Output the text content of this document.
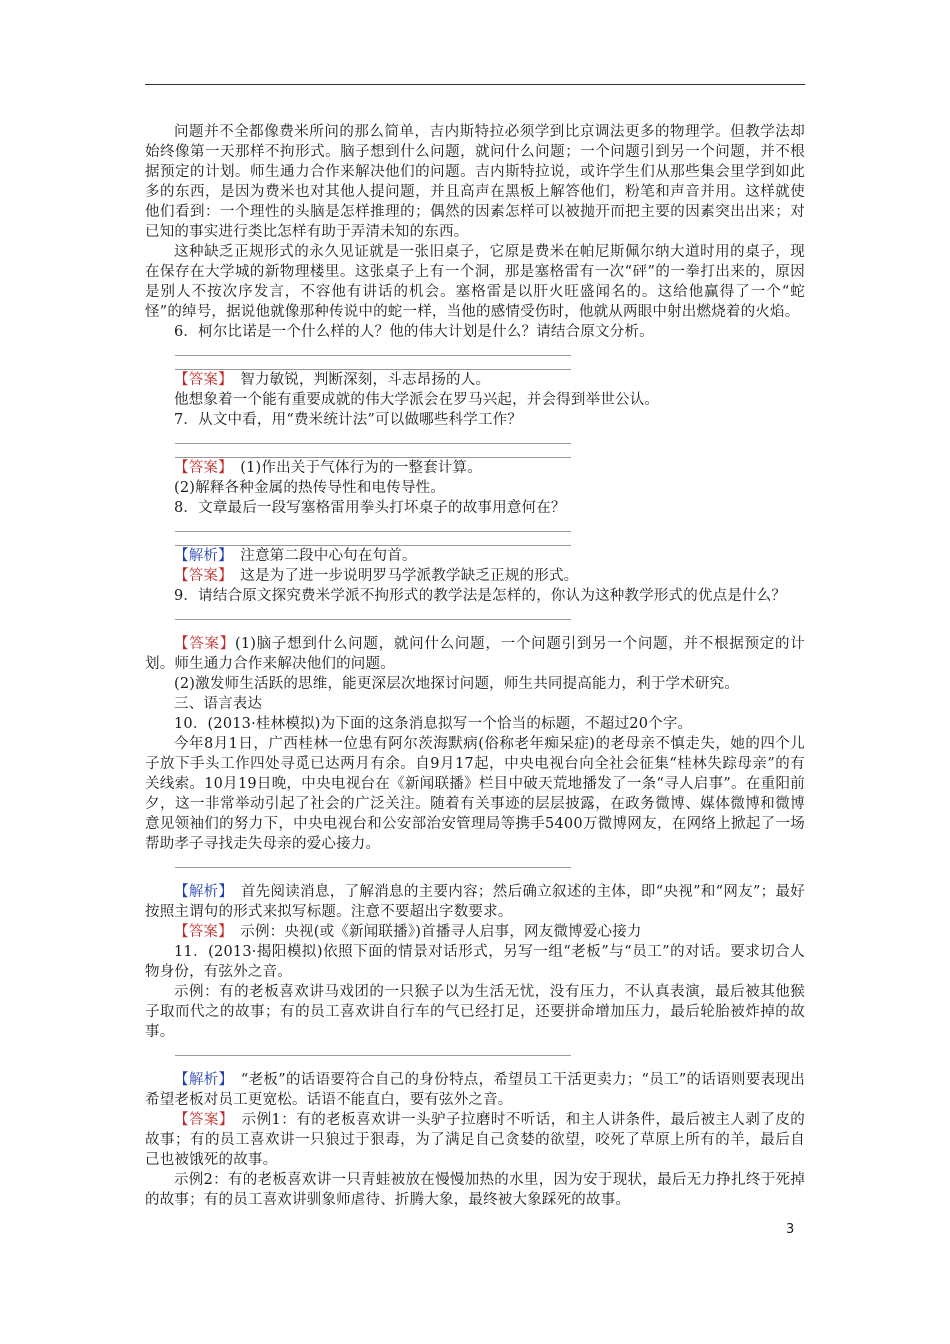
问题并不全都像费米所问的那么简单，吉内斯特拉必须学到比京调法更多的物理学。但教学法却始终像第一天那样不拘形式。脑子想到什么问题，就问什么问题；一个问题引到另一个问题，并不根据预定的计划。师生通力合作来解决他们的问题。吉内斯特拉说，或许学生们从那些集会里学到如此多的东西，是因为费米也对其他人提问题，并且高声在黑板上解答他们，粉笔和声音并用。这样就使他们看到：一个理性的头脑是怎样推理的；偶然的因素怎样可以被抛开而把主要的因素突出出来；对已知的事实进行类比怎样有助于弄清未知的东西。

这种缺乏正规形式的永久见证就是一张旧桌子，它原是费米在帕尼斯佩尔纳大道时用的桌子，现在保存在大学城的新物理楼里。这张桌子上有一个洞，那是塞格雷有一次“砰”的一拳打出来的，原因是别人不按次序发言，不容他有讲话的机会。塞格雷是以肝火旺盛闻名的。这给他赢得了一个“蛇怪”的绰号，据说他就像那种传说中的蛇一样，当他的感情受伤时，他就从两眼中射出燃烧着的火焰。

6．柯尔比诺是一个什么样的人？他的伟大计划是什么？请结合原文分析。

【答案】　智力敏锐，判断深刻，斗志昂扬的人。

他想象着一个能有重要成就的伟大学派会在罗马兴起，并会得到举世公认。

7．从文中看，用“费米统计法”可以做哪些科学工作？

【答案】　(1)作出关于气体行为的一整套计算。

(2)解释各种金属的热传导性和电传导性。

8．文章最后一段写塞格雷用拳头打坏桌子的故事用意何在？

【解析】　注意第二段中心句在句首。

【答案】　这是为了进一步说明罗马学派教学缺乏正规的形式。

9．请结合原文探究费米学派不拘形式的教学法是怎样的，你认为这种教学形式的优点是什么？

【答案】(1)脑子想到什么问题，就问什么问题，一个问题引到另一个问题，并不根据预定的计划。师生通力合作来解决他们的问题。

(2)激发师生活跃的思维，能更深层次地探讨问题，师生共同提高能力，利于学术研究。

三、语言表达

10．(2013·桂林模拟)为下面的这条消息拟写一个恰当的标题，不超过20个字。

今年8月1日，广西桂林一位患有阿尔茨海默病(俗称老年痴呆症)的老母亲不慎走失，她的四个儿子放下手头工作四处寻觅已达两月有余。自9月17起，中央电视台向全社会征集“桂林失踪母亲”的有关线索。10月19日晚，中央电视台在《新闻联播》栏目中破天荒地播发了一条“寻人启事”。在重阳前夕，这一非常举动引起了社会的广泛关注。随着有关事迹的层层披露，在政务微博、媒体微博和微博意见领袖们的努力下，中央电视台和公安部治安管理局等携手5400万微博网友，在网络上掀起了一场帮助孝子寻找走失母亲的爱心接力。

【解析】　首先阅读消息，了解消息的主要内容；然后确立叙述的主体，即“央视”和“网友”；最好按照主谓句的形式来拟写标题。注意不要超出字数要求。

【答案】　示例：央视(或《新闻联播》)首播寻人启事，网友微博爱心接力

11．(2013·揭阳模拟)依照下面的情景对话形式，另写一组“老板”与“员工”的对话。要求切合人物身份，有弦外之音。

示例：有的老板喜欢讲马戏团的一只猴子以为生活无忧，没有压力，不认真表演，最后被其他猴子取而代之的故事；有的员工喜欢讲自行车的气已经打足，还要拼命增加压力，最后轮胎被炸掉的故事。

【解析】　“老板”的话语要符合自己的身份特点，希望员工干活更卖力；“员工”的话语则要表现出希望老板对员工更宽松。话语不能直白，要有弦外之音。

【答案】　示例1：有的老板喜欢讲一头驴子拉磨时不听话，和主人讲条件，最后被主人剥了皮的故事；有的员工喜欢讲一只狼过于狠毒，为了满足自己贪婪的欲望，咬死了草原上所有的羊，最后自己也被饿死的故事。

示例2：有的老板喜欢讲一只青蛙被放在慢慢加热的水里，因为安于现状，最后无力挣扎终于死掉的故事；有的员工喜欢讲驯象师虐待、折腾大象，最终被大象踩死的故事。

3
